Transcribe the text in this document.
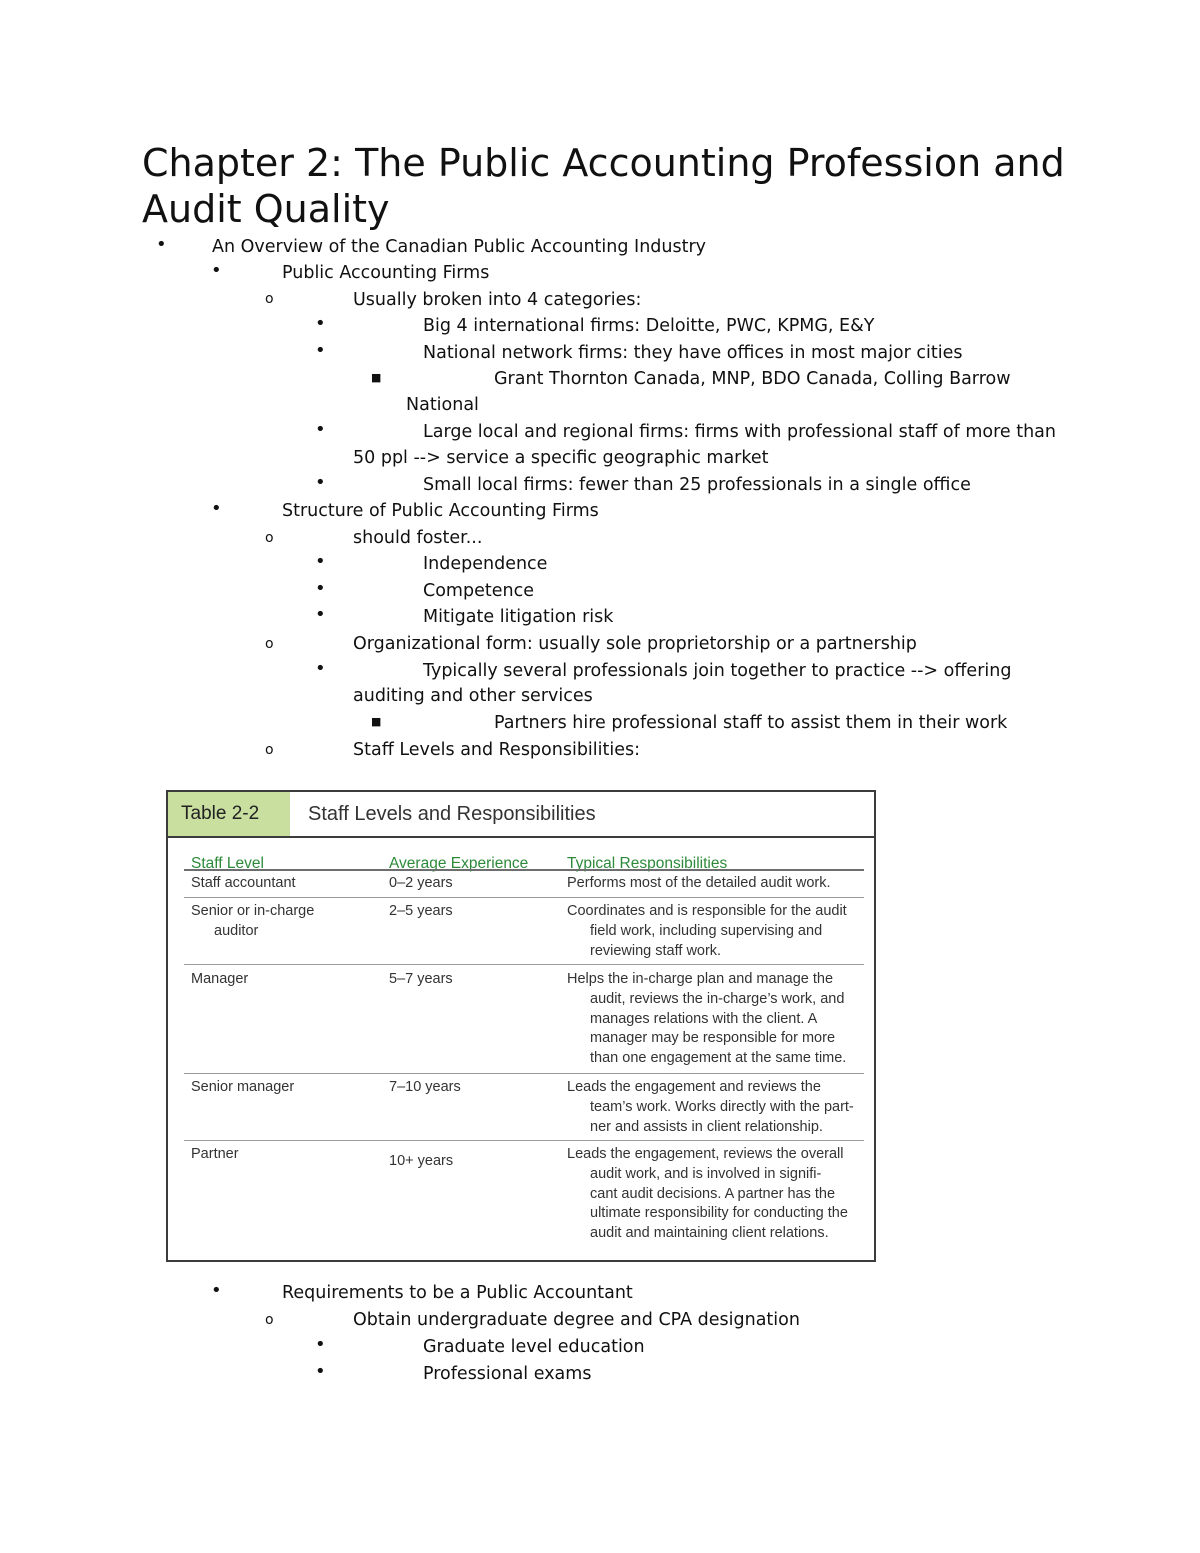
Chapter 2: The Public Accounting Profession and Audit Quality
•	An Overview of the Canadian Public Accounting Industry
•	Public Accounting Firms
o	Usually broken into 4 categories:
•	Big 4 international firms: Deloitte, PWC, KPMG, E&Y
•	National network firms: they have offices in most major cities
■	Grant Thornton Canada, MNP, BDO Canada, Colling Barrow
National
•	Large local and regional firms: firms with professional staff of more than
50 ppl --> service a specific geographic market
•	Small local firms: fewer than 25 professionals in a single office
•	Structure of Public Accounting Firms
o	should foster...
•	Independence
•	Competence
•	Mitigate litigation risk
o	Organizational form: usually sole proprietorship or a partnership
•	Typically several professionals join together to practice --> offering
auditing and other services
■	Partners hire professional staff to assist them in their work
o	Staff Levels and Responsibilities:
Table 2-2	Staff Levels and Responsibilities
Staff Level	Average Experience Typical Responsibilities
Staff accountant	0–2 years	Performs most of the detailed audit work.
Senior or in-charge
auditor
2–5 years	Coordinates and is responsible for the audit
field work, including supervising and
reviewing staff work.
Manager	5–7 years	Helps the in-charge plan and manage the
audit, reviews the in-charge’s work, and
manages relations with the client. A
manager may be responsible for more
than one engagement at the same time.
Senior manager	7–10 years	Leads the engagement and reviews the
team’s work. Works directly with the part-
ner and assists in client relationship.
Partner	10+ years	Leads the engagement, reviews the overall
audit work, and is involved in signifi-
cant audit decisions. A partner has the
ultimate responsibility for conducting the
audit and maintaining client relations.
•	Requirements to be a Public Accountant
o	Obtain undergraduate degree and CPA designation
•	Graduate level education
•	Professional exams
